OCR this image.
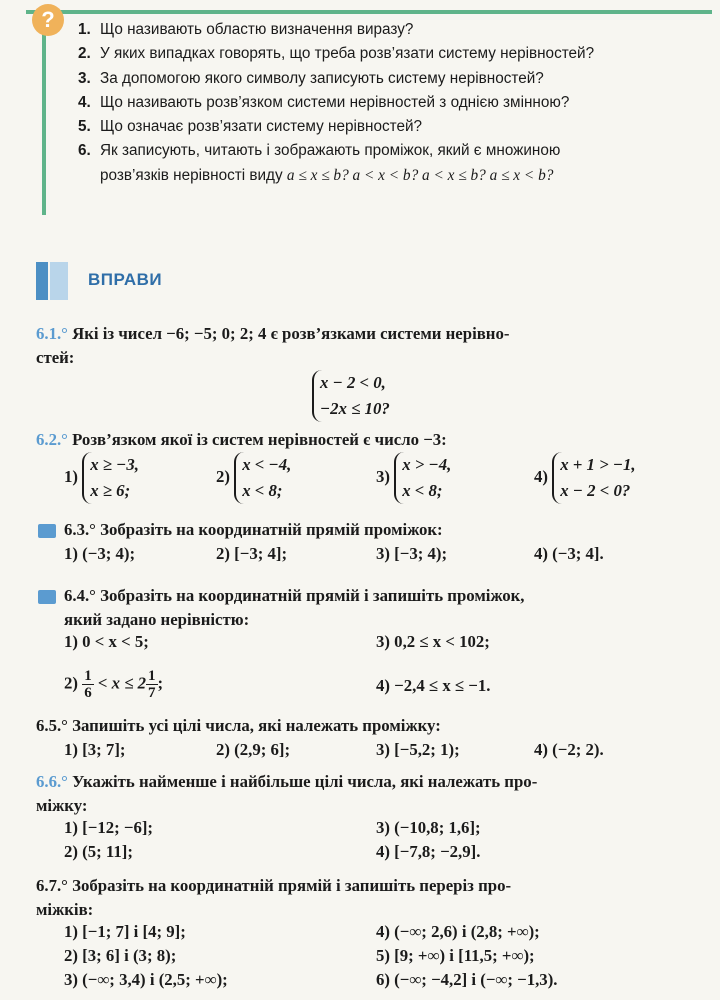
?	1. Що називають областю визначення виразу?
2. У яких випадках говорять, що треба розв’язати систему нерівностей?
3. За допомогою якого символу записують систему нерівностей?
4. Що називають розв’язком системи нерівностей з однією змінною?
5. Що означає розв’язати систему нерівностей?
6. Як записують, читають і зображають проміжок, який є множиною
розв’язків нерівності виду a ≤ x ≤ b? a < x < b? a < x ≤ b? a ≤ x < b?
ВПРАВИ
6.1.° Які із чисел −6; −5; 0; 2; 4 є розв’язками системи нерівно-
стей:
x − 2 < 0,
−2x ≤ 10?
6.2.° Розв’язком якої із систем нерівностей є число −3:
1) x ≥ −3,
x ≥ 6;
2) x < −4,
x < 8;
3) x > −4,
x < 8;
4) x + 1 > −1,
x − 2 < 0?
6.3.° Зобразіть на координатній прямій проміжок:
1) (−3; 4);	2) [−3; 4];	3) [−3; 4);	4) (−3; 4].
6.4.° Зобразіть на координатній прямій і запишіть проміжок,
який задано нерівністю:
1) 0 < x < 5;	3) 0,2 ≤ x < 102;
$2) \frac{1}{6} < x \le 2 \frac{1}{7}$ ;	4) −2,4 ≤ x ≤ −1.
6.5.° Запишіть усі цілі числа, які належать проміжку:
1) [3; 7];	2) (2,9; 6];	3) [−5,2; 1);	4) (−2; 2).
6.6.° Укажіть найменше і найбільше цілі числа, які належать про-
міжку:
1) [−12; −6];	3) (−10,8; 1,6];
2) (5; 11];	4) [−7,8; −2,9].
6.7.° Зобразіть на координатній прямій і запишіть переріз про-
міжків:
1) [−1; 7] і [4; 9];	4) (−∞; 2,6) і (2,8; +∞);
2) [3; 6] і (3; 8);	5) [9; +∞) і [11,5; +∞);
3) (−∞; 3,4) і (2,5; +∞);	6) (−∞; −4,2] і (−∞; −1,3).
